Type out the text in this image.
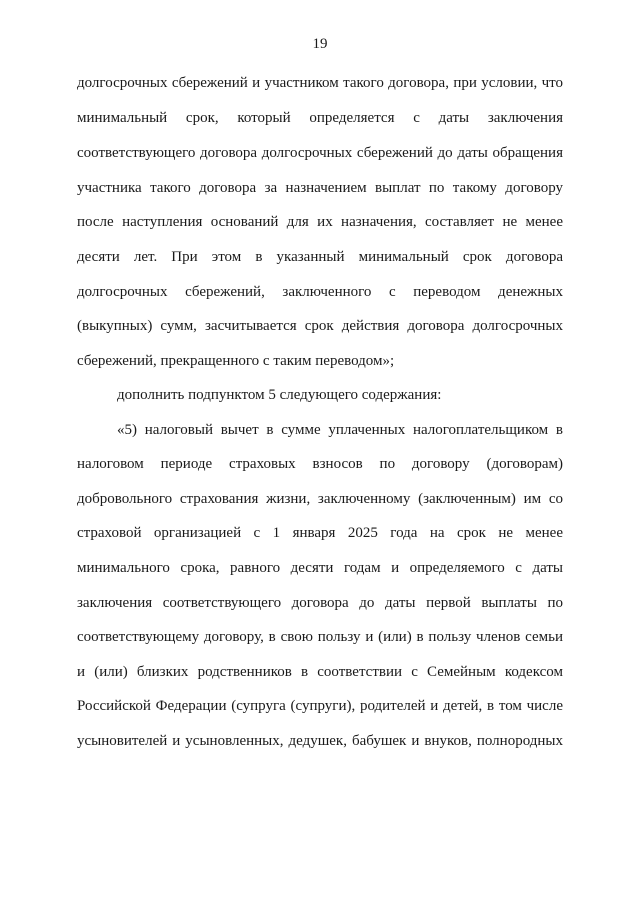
19
долгосрочных сбережений и участником такого договора, при условии, что
минимальный срок, который определяется с даты заключения
соответствующего договора долгосрочных сбережений до даты обращения
участника такого договора за назначением выплат по такому договору
после наступления оснований для их назначения, составляет не менее
десяти лет. При этом в указанный минимальный срок договора
долгосрочных сбережений, заключенного с переводом денежных
(выкупных) сумм, засчитывается срок действия договора долгосрочных
сбережений, прекращенного с таким переводом»;
дополнить подпунктом 5 следующего содержания:
«5) налоговый вычет в сумме уплаченных налогоплательщиком в
налоговом периоде страховых взносов по договору (договорам)
добровольного страхования жизни, заключенному (заключенным) им со
страховой организацией с 1 января 2025 года на срок не менее
минимального срока, равного десяти годам и определяемого с даты
заключения соответствующего договора до даты первой выплаты по
соответствующему договору, в свою пользу и (или) в пользу членов семьи
и (или) близких родственников в соответствии с Семейным кодексом
Российской Федерации (супруга (супруги), родителей и детей, в том числе
усыновителей и усыновленных, дедушек, бабушек и внуков, полнородных
